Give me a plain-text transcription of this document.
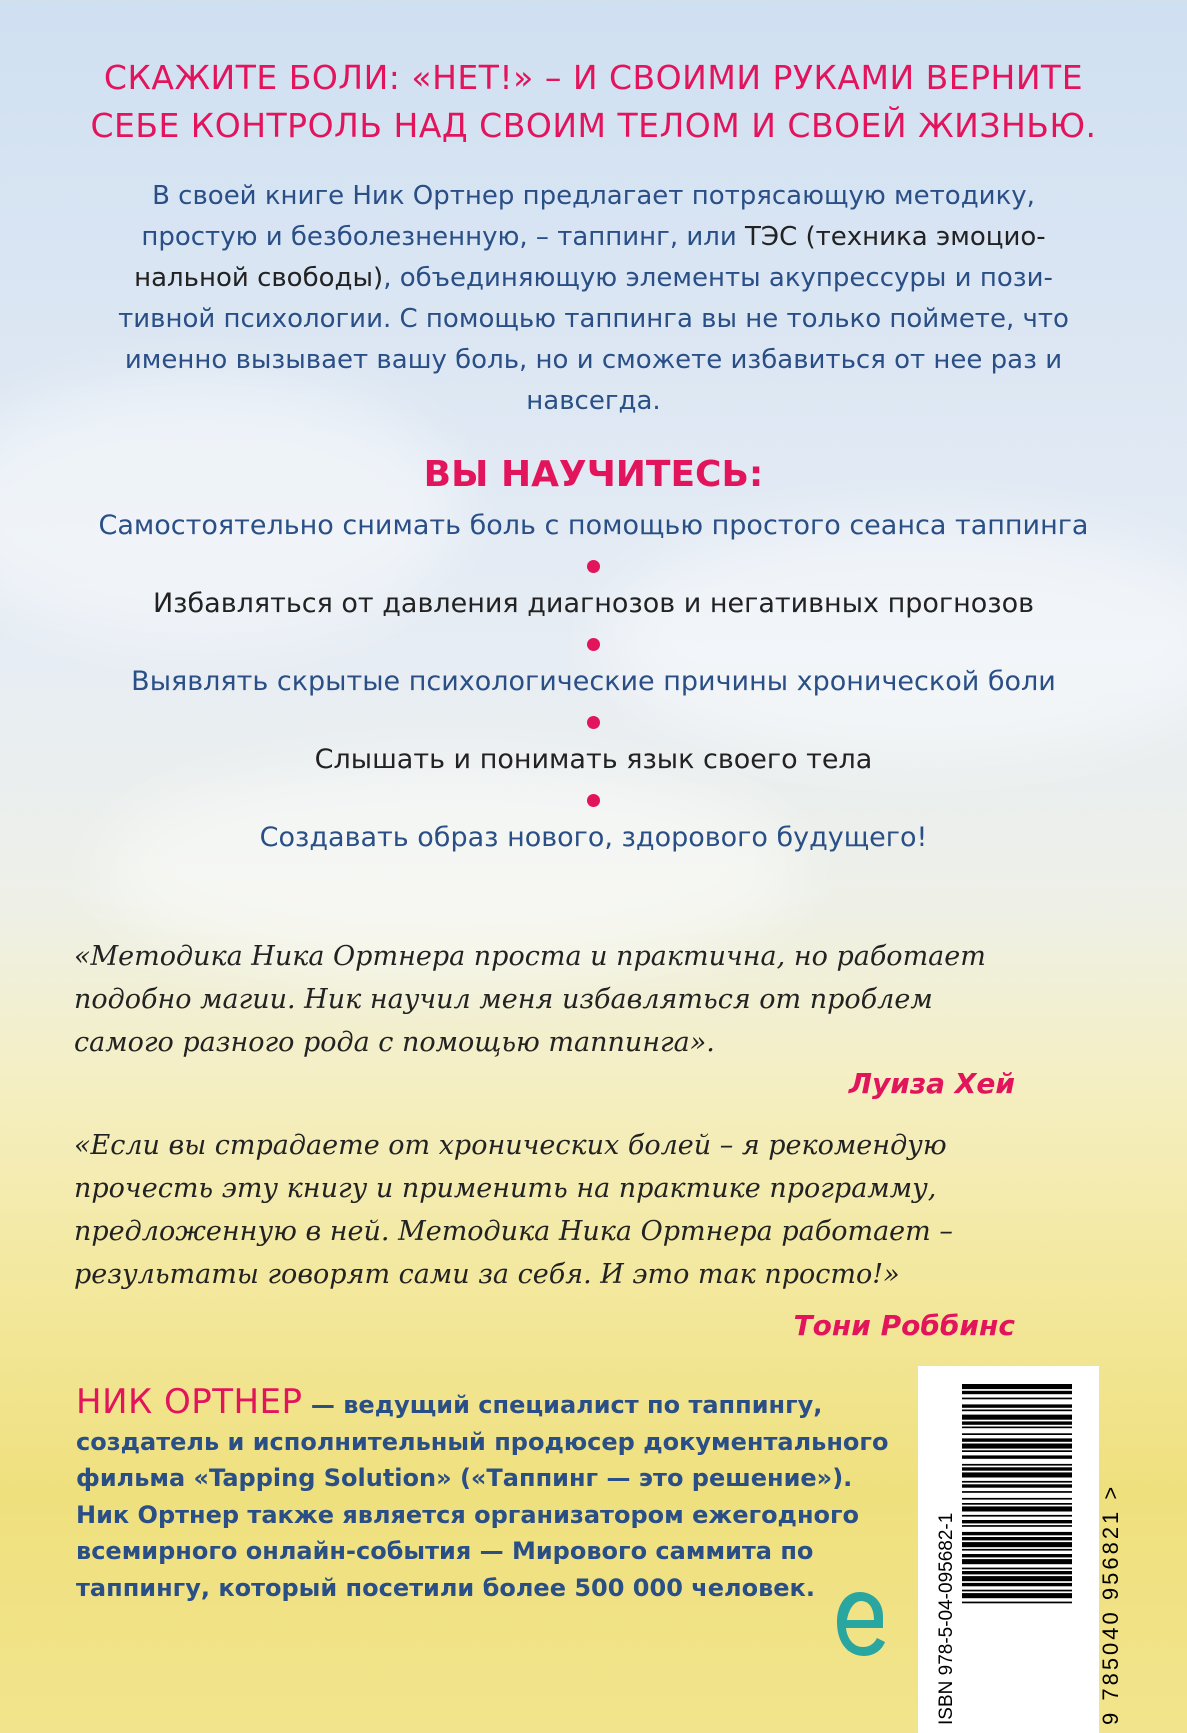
СКАЖИТЕ БОЛИ: «НЕТ!» – И СВОИМИ РУКАМИ ВЕРНИТЕ
СЕБЕ КОНТРОЛЬ НАД СВОИМ ТЕЛОМ И СВОЕЙ ЖИЗНЬЮ.
В своей книге Ник Ортнер предлагает потрясающую методику,
простую и безболезненную, – таппинг, или ТЭС (техника эмоцио-
нальной свободы), объединяющую элементы акупрессуры и пози-
тивной психологии. С помощью таппинга вы не только поймете, что
именно вызывает вашу боль, но и сможете избавиться от нее раз и
навсегда.
ВЫ НАУЧИТЕСЬ:
Самостоятельно снимать боль с помощью простого сеанса таппинга
Избавляться от давления диагнозов и негативных прогнозов
Выявлять скрытые психологические причины хронической боли
Слышать и понимать язык своего тела
Создавать образ нового, здорового будущего!
«Методика Ника Ортнера проста и практична, но работает
подобно магии. Ник научил меня избавляться от проблем
самого разного рода с помощью таппинга».
Луиза Хей
«Если вы страдаете от хронических болей – я рекомендую
прочесть эту книгу и применить на практике программу,
предложенную в ней. Методика Ника Ортнера работает –
результаты говорят сами за себя. И это так просто!»
Тони Роббинс
НИК ОРТНЕР — ведущий специалист по таппингу,
создатель и исполнительный продюсер документального
фильма «Tapping Solution» («Таппинг — это решение»).
Ник Ортнер также является организатором ежегодного
всемирного онлайн-события — Мирового саммита по
таппингу, который посетили более 500 000 человек.	ISBN 978-5-04-095682-1	9 785040 956821 >
